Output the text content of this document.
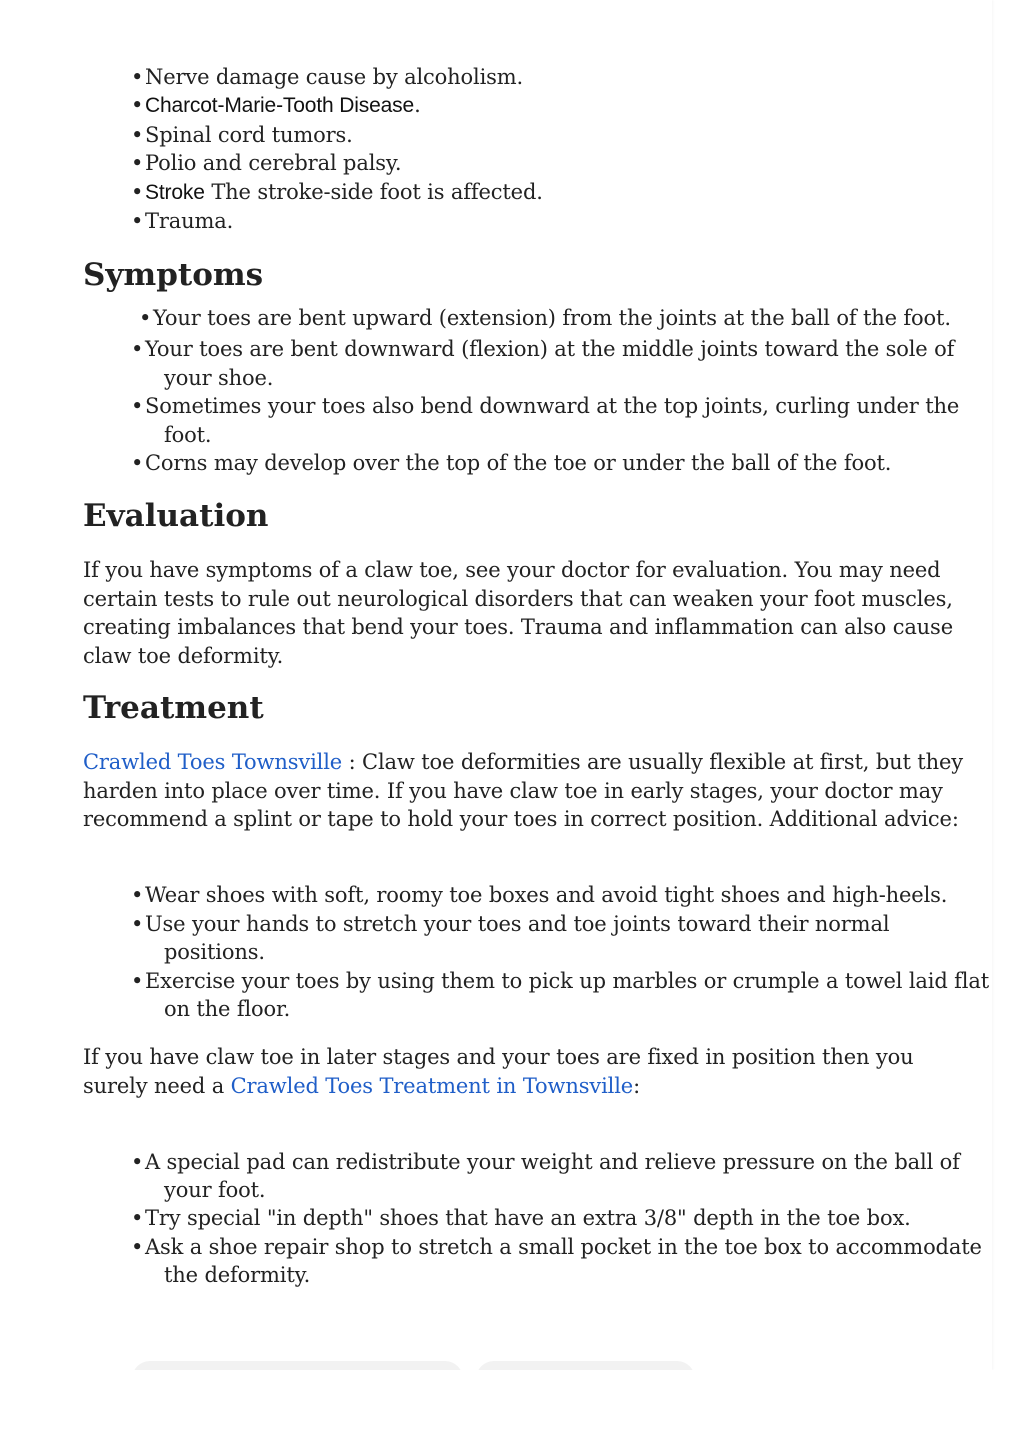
•Nerve damage cause by alcoholism.
•Charcot-Marie-Tooth Disease.
•Spinal cord tumors.
•Polio and cerebral palsy.
•Stroke The stroke-side foot is affected.
•Trauma.
Symptoms
•Your toes are bent upward (extension) from the joints at the ball of the foot.
•Your toes are bent downward (flexion) at the middle joints toward the sole of
your shoe.
•Sometimes your toes also bend downward at the top joints, curling under the
foot.
•Corns may develop over the top of the toe or under the ball of the foot.
Evaluation

If you have symptoms of a claw toe, see your doctor for evaluation. You may need certain tests to rule out neurological disorders that can weaken your foot muscles, creating imbalances that bend your toes. Trauma and inflammation can also cause claw toe deformity.

Treatment

Crawled Toes Townsville : Claw toe deformities are usually flexible at first, but they harden into place over time. If you have claw toe in early stages, your doctor may recommend a splint or tape to hold your toes in correct position. Additional advice:

•Wear shoes with soft, roomy toe boxes and avoid tight shoes and high-heels.
•Use your hands to stretch your toes and toe joints toward their normal
positions.
•Exercise your toes by using them to pick up marbles or crumple a towel laid flat
on the floor.

If you have claw toe in later stages and your toes are fixed in position then you surely need a Crawled Toes Treatment in Townsville:

•A special pad can redistribute your weight and relieve pressure on the ball of
your foot.
•Try special "in depth" shoes that have an extra 3/8" depth in the toe box.
•Ask a shoe repair shop to stretch a small pocket in the toe box to accommodate
the deformity.
